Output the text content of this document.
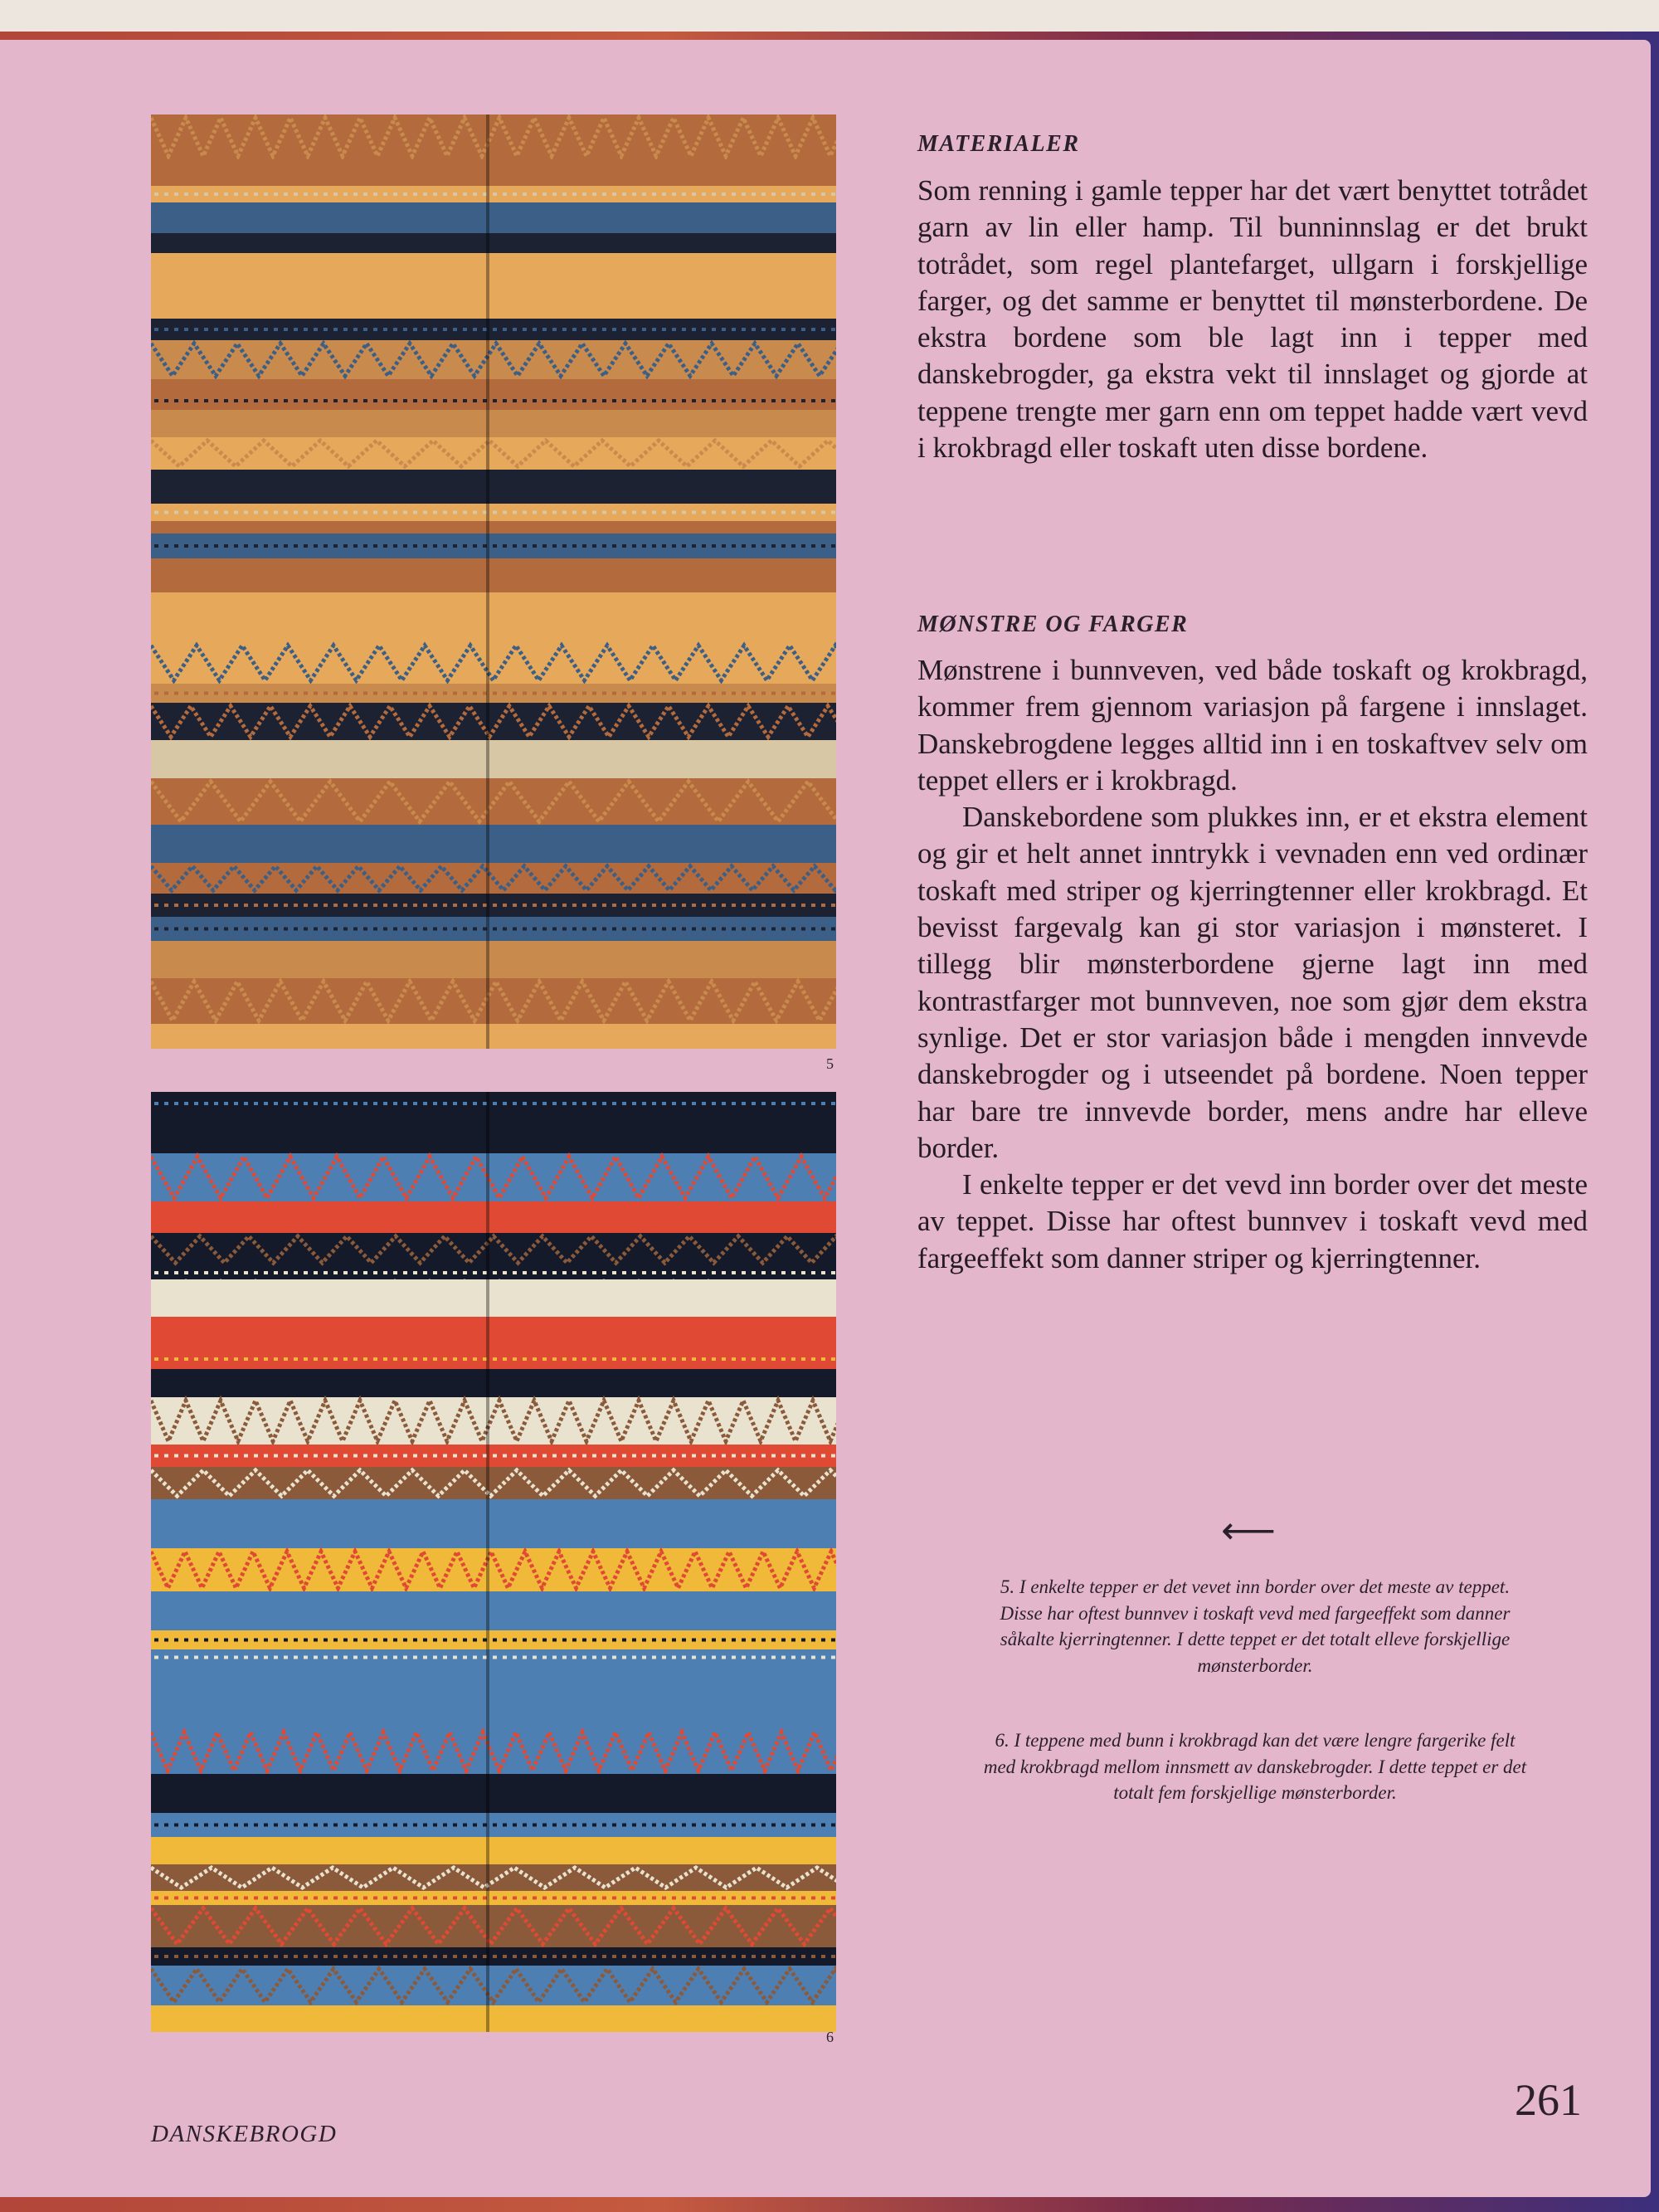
5
6
MATERIALER

Som renning i gamle tepper har det vært benyttet totrådet garn av lin eller hamp. Til bunninnslag er det brukt totrådet, som regel plantefarget, ullgarn i forskjellige farger, og det samme er benyttet til mønsterbordene. De ekstra bordene som ble lagt inn i tepper med danskebrogder, ga ekstra vekt til innslaget og gjorde at teppene trengte mer garn enn om teppet hadde vært vevd i krokbragd eller toskaft uten disse bordene.

MØNSTRE OG FARGER

Mønstrene i bunnveven, ved både toskaft og krokbragd, kommer frem gjennom variasjon på fargene i innslaget. Danskebrogdene legges alltid inn i en toskaftvev selv om teppet ellers er i krokbragd.

Danskebordene som plukkes inn, er et ekstra element og gir et helt annet inntrykk i vevnaden enn ved ordinær toskaft med striper og kjerringtenner eller krokbragd. Et bevisst fargevalg kan gi stor variasjon i mønsteret. I tillegg blir mønsterbordene gjerne lagt inn med kontrastfarger mot bunnveven, noe som gjør dem ekstra synlige. Det er stor variasjon både i mengden innvevde danskebrogder og i utseendet på bordene. Noen tepper har bare tre innvevde border, mens andre har elleve border.

I enkelte tepper er det vevd inn border over det meste av teppet. Disse har oftest bunnvev i toskaft vevd med fargeeffekt som danner striper og kjerringtenner.

⟵

5. I enkelte tepper er det vevet inn border over det meste av teppet. Disse har oftest bunnvev i toskaft vevd med fargeeffekt som danner såkalte kjerringtenner. I dette teppet er det totalt elleve forskjellige mønsterborder.

6. I teppene med bunn i krokbragd kan det være lengre fargerike felt med krokbragd mellom innsmett av danskebrogder. I dette teppet er det totalt fem forskjellige mønsterborder.

DANSKEBROGD
261
